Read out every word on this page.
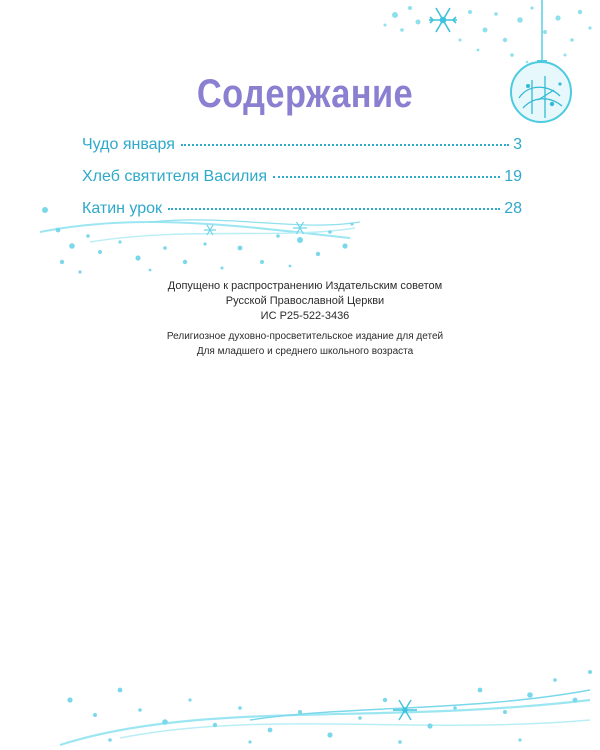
Содержание
Чудо января	3
Хлеб святителя Василия	19
Катин урок	28
Допущено к распространению Издательским советом
Русской Православной Церкви
ИС Р25-522-3436
Религиозное духовно-просветительское издание для детей
Для младшего и среднего школьного возраста
